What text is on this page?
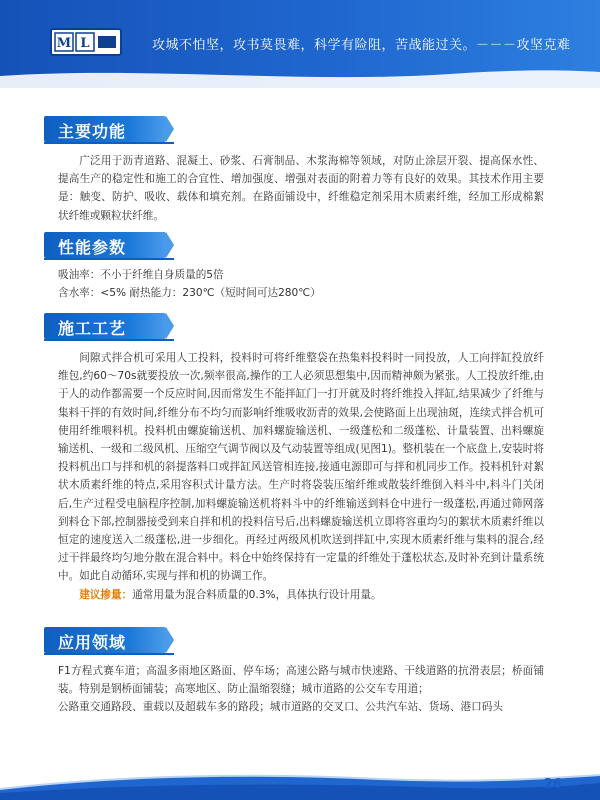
M L	攻城不怕坚，攻书莫畏难，科学有险阻，苦战能过关。－－－攻坚克难
主要功能

广泛用于沥青道路、混凝土、砂浆、石膏制品、木浆海棉等领域，对防止涂层开裂、提高保水性、提高生产的稳定性和施工的合宜性、增加强度、增强对表面的附着力等有良好的效果。其技术作用主要是：触变、防护、吸收、载体和填充剂。在路面铺设中，纤维稳定剂采用木质素纤维，经加工形成棉絮状纤维或颗粒状纤维。

性能参数

吸油率：不小于纤维自身质量的5倍

含水率：<5% 耐热能力：230℃（短时间可达280℃）

施工工艺

间隙式拌合机可采用人工投料，投料时可将纤维整袋在热集料投料时一同投放，人工向拌缸投放纤维包,约60～70s就要投放一次,频率很高,操作的工人必须思想集中,因而精神颇为紧张。人工投放纤维,由于人的动作都需要一个反应时间,因而常发生不能拌缸门一打开就及时将纤维投入拌缸,结果减少了纤维与集料干拌的有效时间,纤维分布不均匀而影响纤维吸收沥青的效果,会使路面上出现油斑，连续式拌合机可使用纤维喂料机。投料机由螺旋输送机、加料螺旋输送机、一级蓬松和二级蓬松、计量装置、出料螺旋输送机、一级和二级风机、压缩空气调节阀以及气动装置等组成(见图1)。整机装在一个底盘上,安装时将投料机出口与拌和机的斜提落料口或拌缸风送管相连接,接通电源即可与拌和机同步工作。投料机针对絮状木质素纤维的特点,采用容积式计量方法。生产时将袋装压缩纤维或散装纤维倒入料斗中,料斗门关闭后,生产过程受电脑程序控制,加料螺旋输送机将料斗中的纤维输送到料仓中进行一级蓬松,再通过筛网落到料仓下部,控制器接受到来自拌和机的投料信号后,出料螺旋输送机立即将容重均匀的絮状木质素纤维以恒定的速度送入二级蓬松,进一步细化。再经过两级风机吹送到拌缸中,实现木质素纤维与集料的混合,经过干拌最终均匀地分散在混合料中。料仓中始终保持有一定量的纤维处于蓬松状态,及时补充到计量系统中。如此自动循环,实现与拌和机的协调工作。

建议掺量：通常用量为混合料质量的0.3%，具体执行设计用量。

应用领域

F1方程式赛车道；高温多雨地区路面、停车场；高速公路与城市快速路、干线道路的抗滑表层；桥面铺装。特别是钢桥面铺装；高寒地区、防止温缩裂缝；城市道路的公交车专用道；

公路重交通路段、重载以及超载车多的路段；城市道路的交叉口、公共汽车站、货场、港口码头

26
